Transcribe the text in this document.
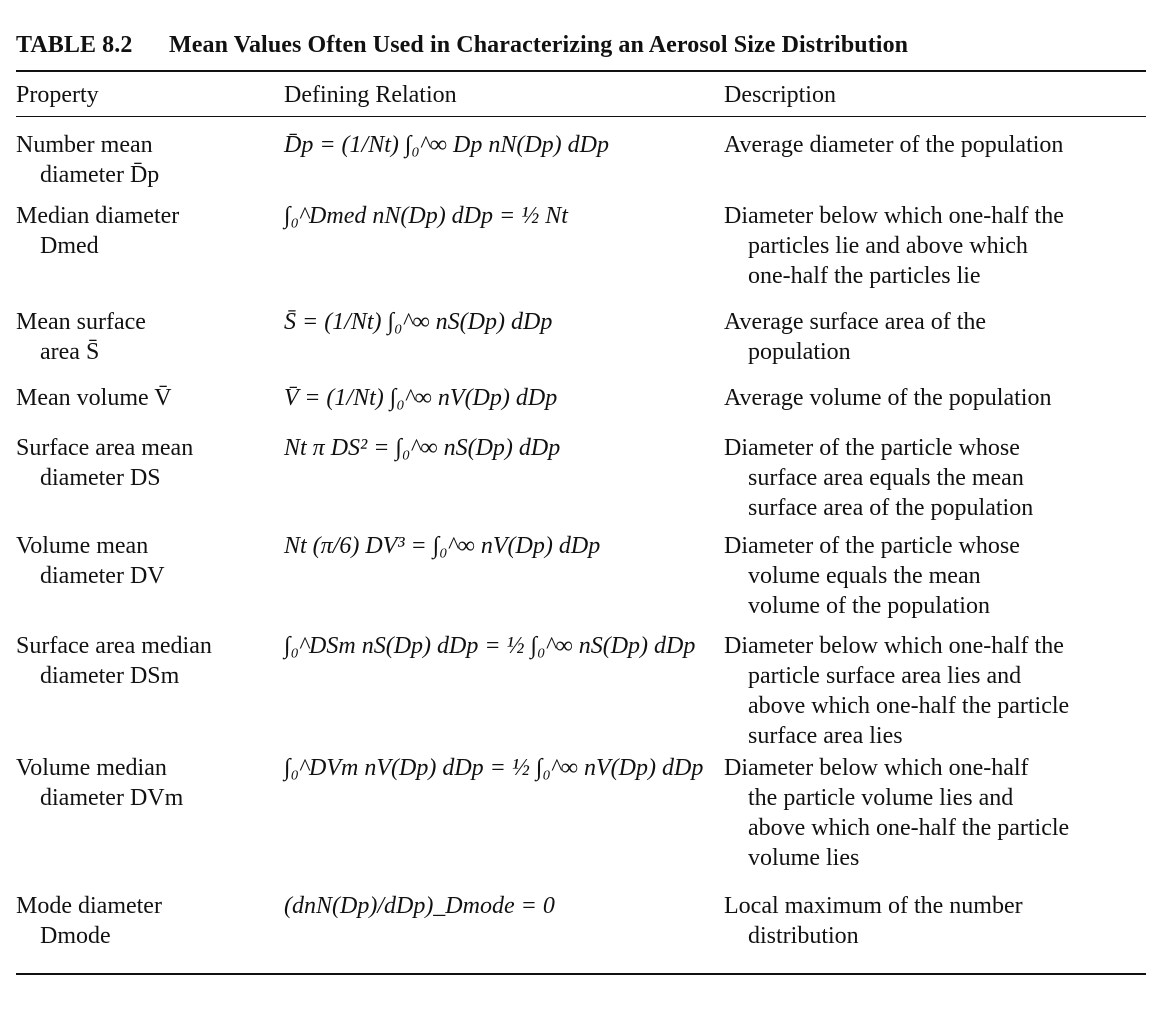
TABLE 8.2 Mean Values Often Used in Characterizing an Aerosol Size Distribution
Property	Defining Relation	Description
Number mean
diameter D̄p
D̄p = (1/Nt) ∫₀^∞ Dp nN(Dp) dDp	Average diameter of the population
Median diameter
Dmed
∫₀^Dmed nN(Dp) dDp = ½ Nt	Diameter below which one-half the
particles lie and above which
one-half the particles lie
Mean surface
area S̄
S̄ = (1/Nt) ∫₀^∞ nS(Dp) dDp	Average surface area of the
population
Mean volume V̄	V̄ = (1/Nt) ∫₀^∞ nV(Dp) dDp	Average volume of the population
Surface area mean
diameter DS
Nt π DS² = ∫₀^∞ nS(Dp) dDp	Diameter of the particle whose
surface area equals the mean
surface area of the population
Volume mean
diameter DV
Nt (π/6) DV³ = ∫₀^∞ nV(Dp) dDp	Diameter of the particle whose
volume equals the mean
volume of the population
Surface area median
diameter DSm
∫₀^DSm nS(Dp) dDp = ½ ∫₀^∞ nS(Dp) dDp	Diameter below which one-half the
particle surface area lies and
above which one-half the particle
surface area lies
Volume median
diameter DVm
∫₀^DVm nV(Dp) dDp = ½ ∫₀^∞ nV(Dp) dDp Diameter below which one-half
the particle volume lies and
above which one-half the particle
volume lies
Mode diameter
Dmode
(dnN(Dp)/dDp)_Dmode = 0	Local maximum of the number
distribution
